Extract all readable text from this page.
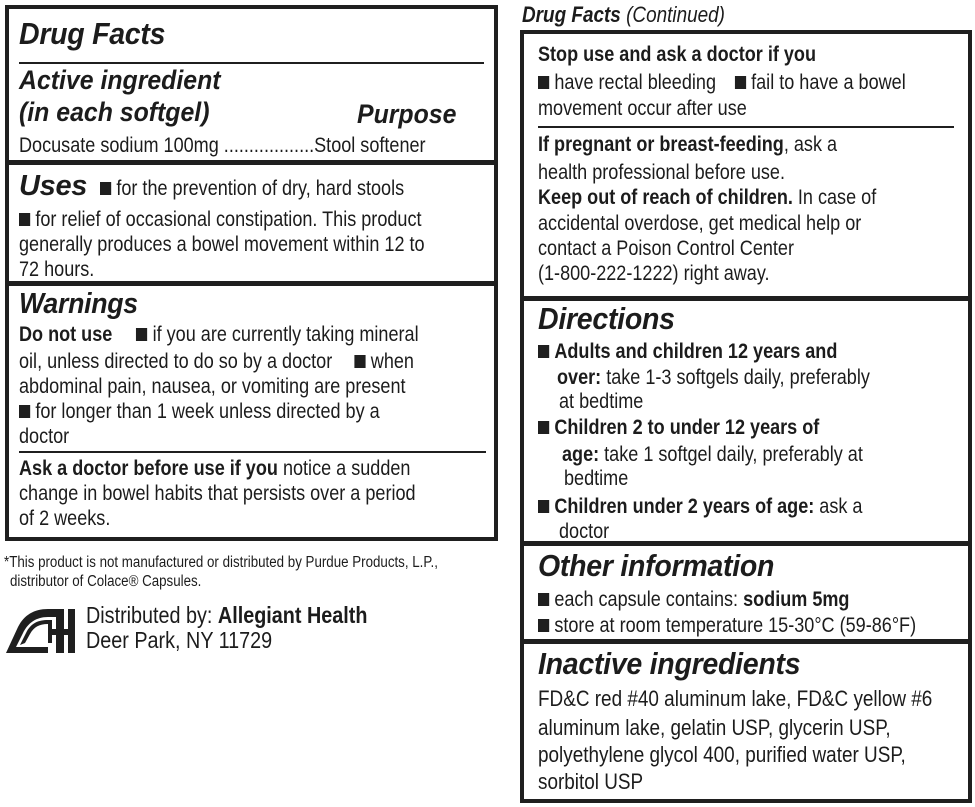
Drug Facts
Active ingredient
(in each softgel)	Purpose
Docusate sodium 100mg ..................Stool softener
Uses for the prevention of dry, hard stools
for relief of occasional constipation. This product
generally produces a bowel movement within 12 to
72 hours.
Warnings
Do not use if you are currently taking mineral
oil, unless directed to do so by a doctor when
abdominal pain, nausea, or vomiting are present
for longer than 1 week unless directed by a
doctor
Ask a doctor before use if you notice a sudden
change in bowel habits that persists over a period
of 2 weeks.
*This product is not manufactured or distributed by Purdue Products, L.P.,
distributor of Colace® Capsules.
Distributed by: Allegiant Health
Deer Park, NY 11729
Drug Facts (Continued)
Stop use and ask a doctor if you
have rectal bleeding fail to have a bowel
movement occur after use
If pregnant or breast-feeding, ask a
health professional before use.
Keep out of reach of children. In case of
accidental overdose, get medical help or
contact a Poison Control Center
(1-800-222-1222) right away.
Directions
Adults and children 12 years and
over: take 1-3 softgels daily, preferably
at bedtime
Children 2 to under 12 years of
age: take 1 softgel daily, preferably at
bedtime
Children under 2 years of age: ask a
doctor
Other information
each capsule contains: sodium 5mg
store at room temperature 15-30°C (59-86°F)
Inactive ingredients
FD&C red #40 aluminum lake, FD&C yellow #6
aluminum lake, gelatin USP, glycerin USP,
polyethylene glycol 400, purified water USP,
sorbitol USP
